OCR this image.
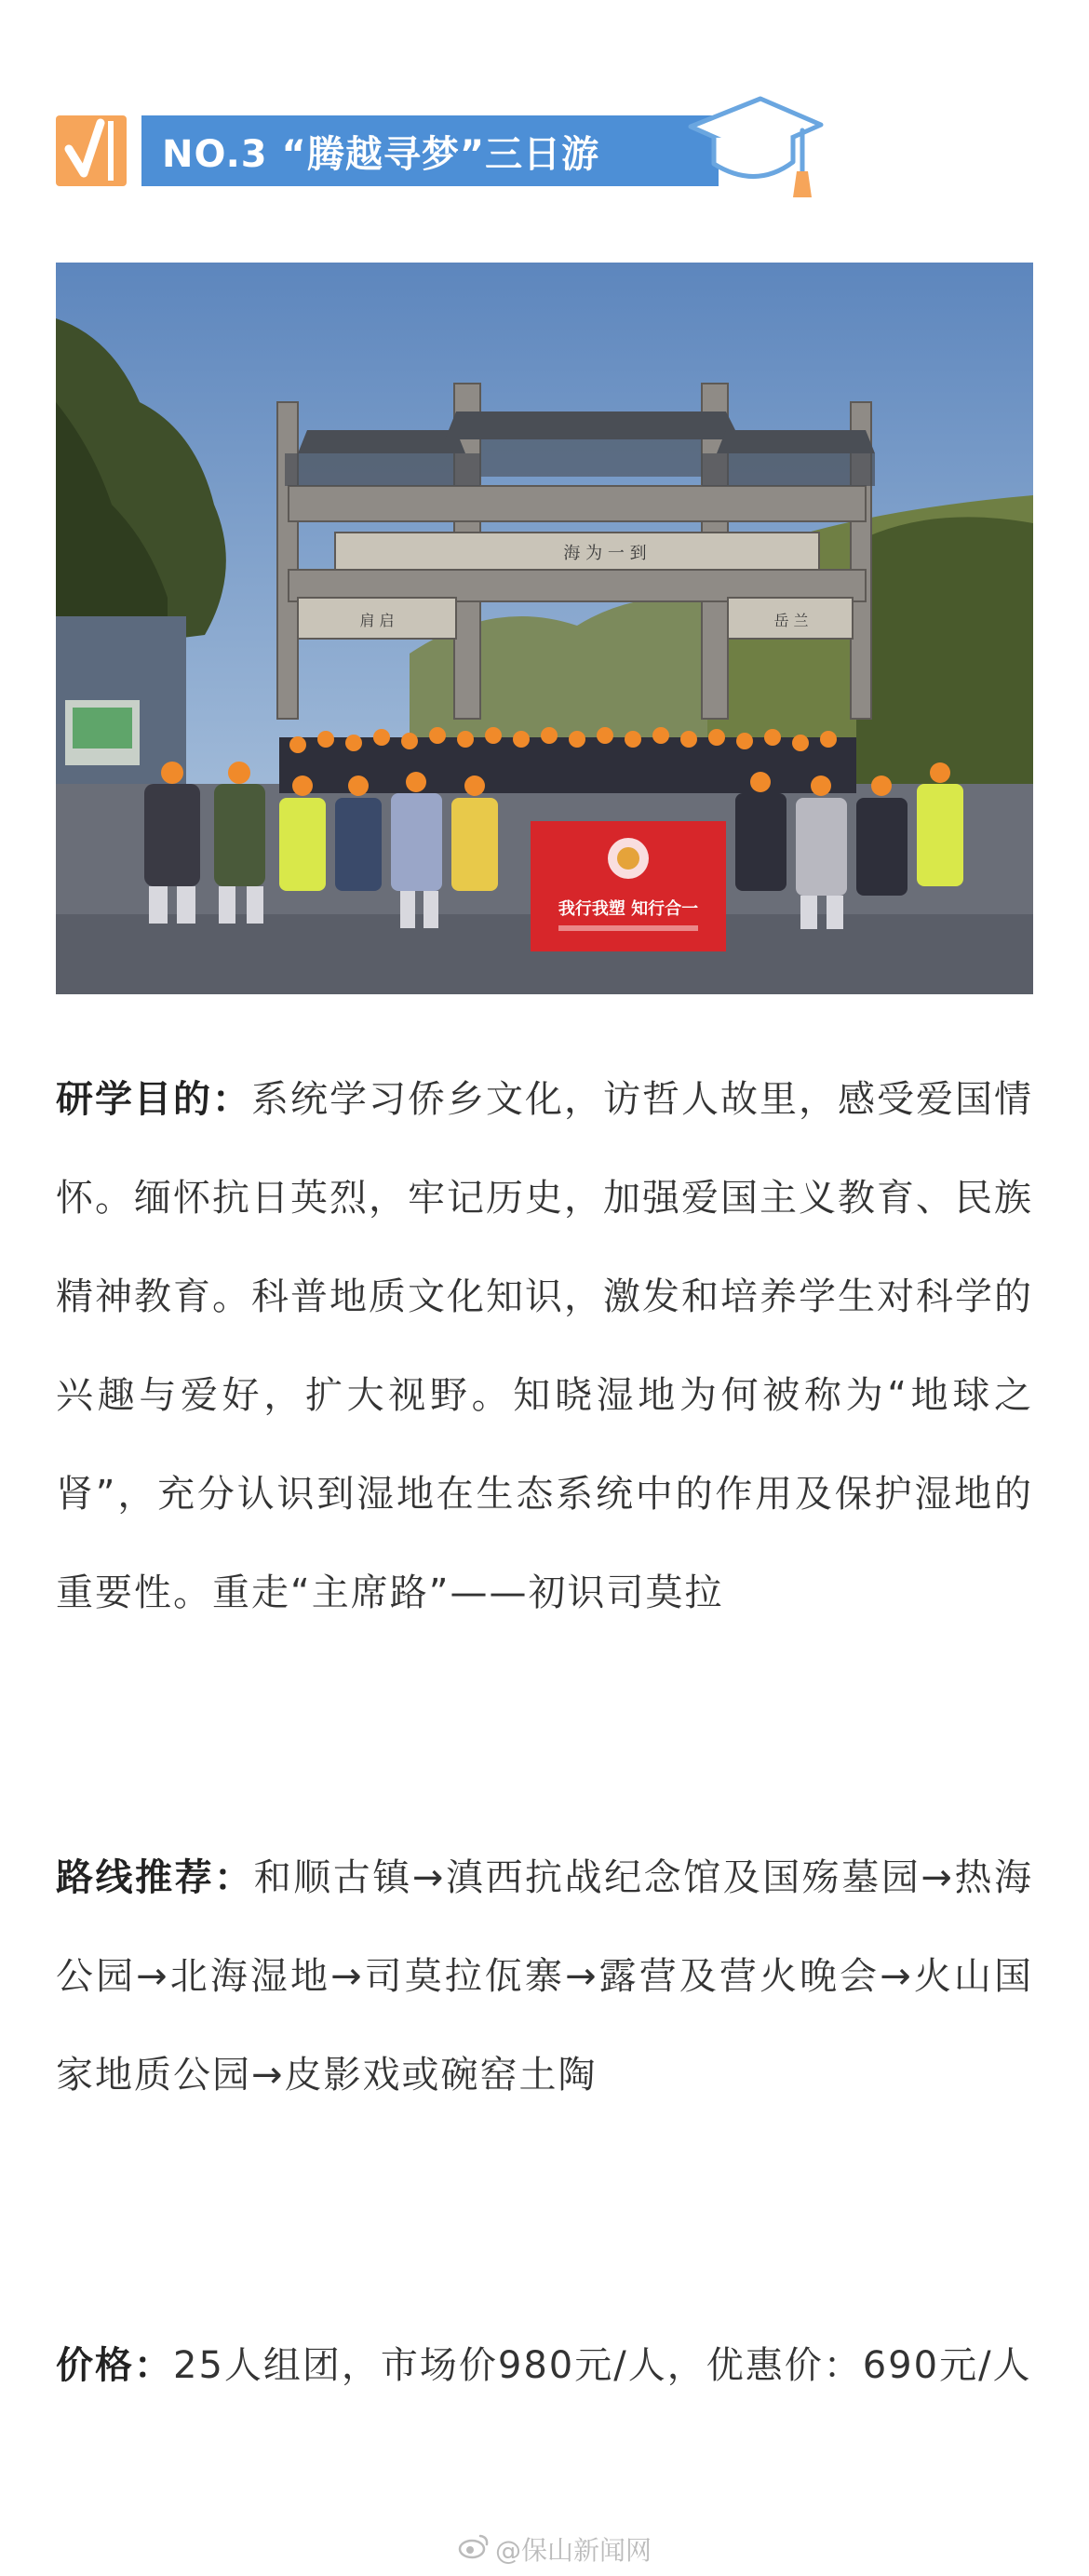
NO.3 “腾越寻梦”三日游
海 为 一 到
肩 启	岳 兰
我行我塑 知行合一
研学目的：系统学习侨乡文化，访哲人故里，感受爱国情怀。缅怀抗日英烈，牢记历史，加强爱国主义教育、民族精神教育。科普地质文化知识，激发和培养学生对科学的兴趣与爱好，扩大视野。知晓湿地为何被称为“地球之肾”，充分认识到湿地在生态系统中的作用及保护湿地的重要性。重走“主席路”——初识司莫拉
路线推荐：和顺古镇→滇西抗战纪念馆及国殇墓园→热海公园→北海湿地→司莫拉佤寨→露营及营火晚会→火山国家地质公园→皮影戏或碗窑土陶
价格：25人组团，市场价980元/人，优惠价：690元/人
@保山新闻网
